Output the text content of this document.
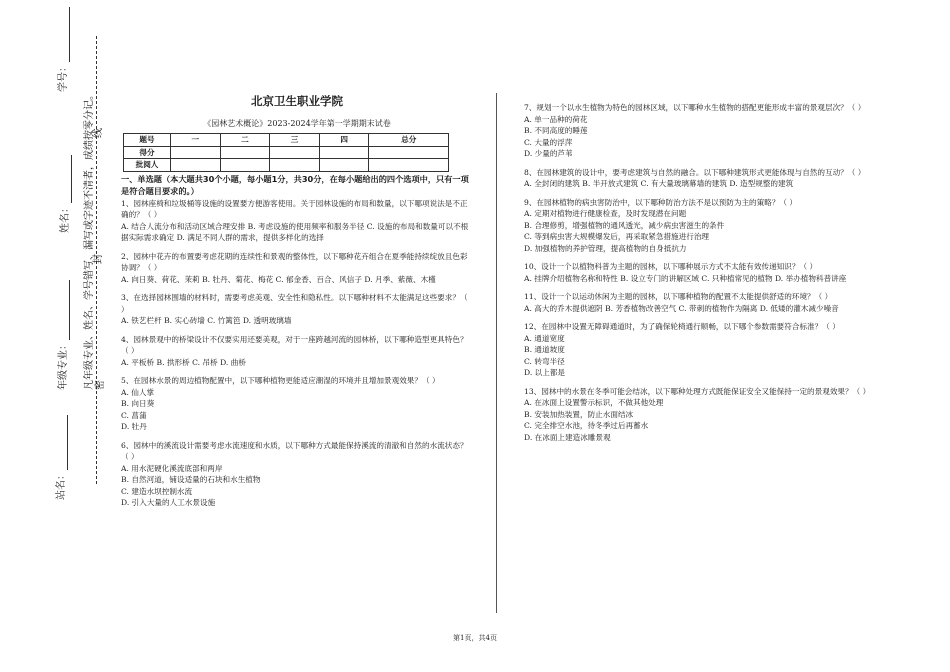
学号：
姓名：
年级专业：
站名：
凡年级专业、姓名、学号错写、漏写或字迹不清者，成绩按零分记。 密
封
线
北京卫生职业学院
《园林艺术概论》2023-2024学年第一学期期末试卷
题号	一	二	三	四	总分
得分					
批阅人					
一、单选题（本大题共30个小题，每小题1分，共30分，在每小题给出的四个选项中，只有一项是符合题目要求的。）
1、园林座椅和垃圾桶等设施的设置要方便游客使用。关于园林设施的布局和数量，以下哪项说法是不正确的？（ ）
A. 结合人流分布和活动区域合理安排 B. 考虑设施的使用频率和服务半径 C. 设施的布局和数量可以不根据实际需求确定 D. 满足不同人群的需求，提供多样化的选择
2、园林中花卉的布置要考虑花期的连续性和景观的整体性，以下哪种花卉组合在夏季能持续绽放且色彩协调？（ ）
A. 向日葵、荷花、茉莉 B. 牡丹、菊花、梅花 C. 郁金香、百合、风信子 D. 月季、紫薇、木槿
3、在选择园林围墙的材料时，需要考虑美观、安全性和隐私性。以下哪种材料不太能满足这些要求？（ ）
A. 铁艺栏杆 B. 实心砖墙 C. 竹篱笆 D. 透明玻璃墙
4、园林景观中的桥梁设计不仅要实用还要美观，对于一座跨越河流的园林桥，以下哪种造型更具特色？（ ）
A. 平板桥 B. 拱形桥 C. 吊桥 D. 曲桥
5、在园林水景的周边植物配置中，以下哪种植物更能适应潮湿的环境并且增加景观效果？（ ）
A. 仙人掌
B. 向日葵
C. 菖蒲
D. 牡丹
6、园林中的溪流设计需要考虑水流速度和水质，以下哪种方式最能保持溪流的清澈和自然的水流状态？（ ）
A. 用水泥硬化溪流底部和两岸
B. 自然河道，铺设适量的石块和水生植物
C. 建造水坝控制水流
D. 引入大量的人工水景设施
7、规划一个以水生植物为特色的园林区域，以下哪种水生植物的搭配更能形成丰富的景观层次？（ ）
A. 单一品种的荷花
B. 不同高度的睡莲
C. 大量的浮萍
D. 少量的芦苇
8、在园林建筑的设计中，要考虑建筑与自然的融合。以下哪种建筑形式更能体现与自然的互动？（ ）
A. 全封闭的建筑 B. 半开放式建筑 C. 有大量玻璃幕墙的建筑 D. 造型规整的建筑
9、在园林植物的病虫害防治中，以下哪种防治方法不是以预防为主的策略？（ ）
A. 定期对植物进行健康检查，及时发现潜在问题
B. 合理修剪，增强植物的通风透光，减少病虫害滋生的条件
C. 等到病虫害大规模爆发后，再采取紧急措施进行治理
D. 加强植物的养护管理，提高植物的自身抵抗力
10、设计一个以植物科普为主题的园林，以下哪种展示方式不太能有效传递知识？（ ）
A. 挂牌介绍植物名称和特性 B. 设立专门的讲解区域 C. 只种植常见的植物 D. 举办植物科普讲座
11、设计一个以运动休闲为主题的园林，以下哪种植物的配置不太能提供舒适的环境？（ ）
A. 高大的乔木提供遮阴 B. 芳香植物改善空气 C. 带刺的植物作为隔离 D. 低矮的灌木减少噪音
12、在园林中设置无障碍通道时，为了确保轮椅通行顺畅，以下哪个参数需要符合标准？（ ）
A. 通道宽度
B. 通道坡度
C. 转弯半径
D. 以上都是
13、园林中的水景在冬季可能会结冰，以下哪种处理方式既能保证安全又能保持一定的景观效果？（ ）
A. 在冰面上设置警示标识，不做其他处理
B. 安装加热装置，防止水面结冰
C. 完全排空水池，待冬季过后再蓄水
D. 在冰面上建造冰雕景观
第1页，共4页
